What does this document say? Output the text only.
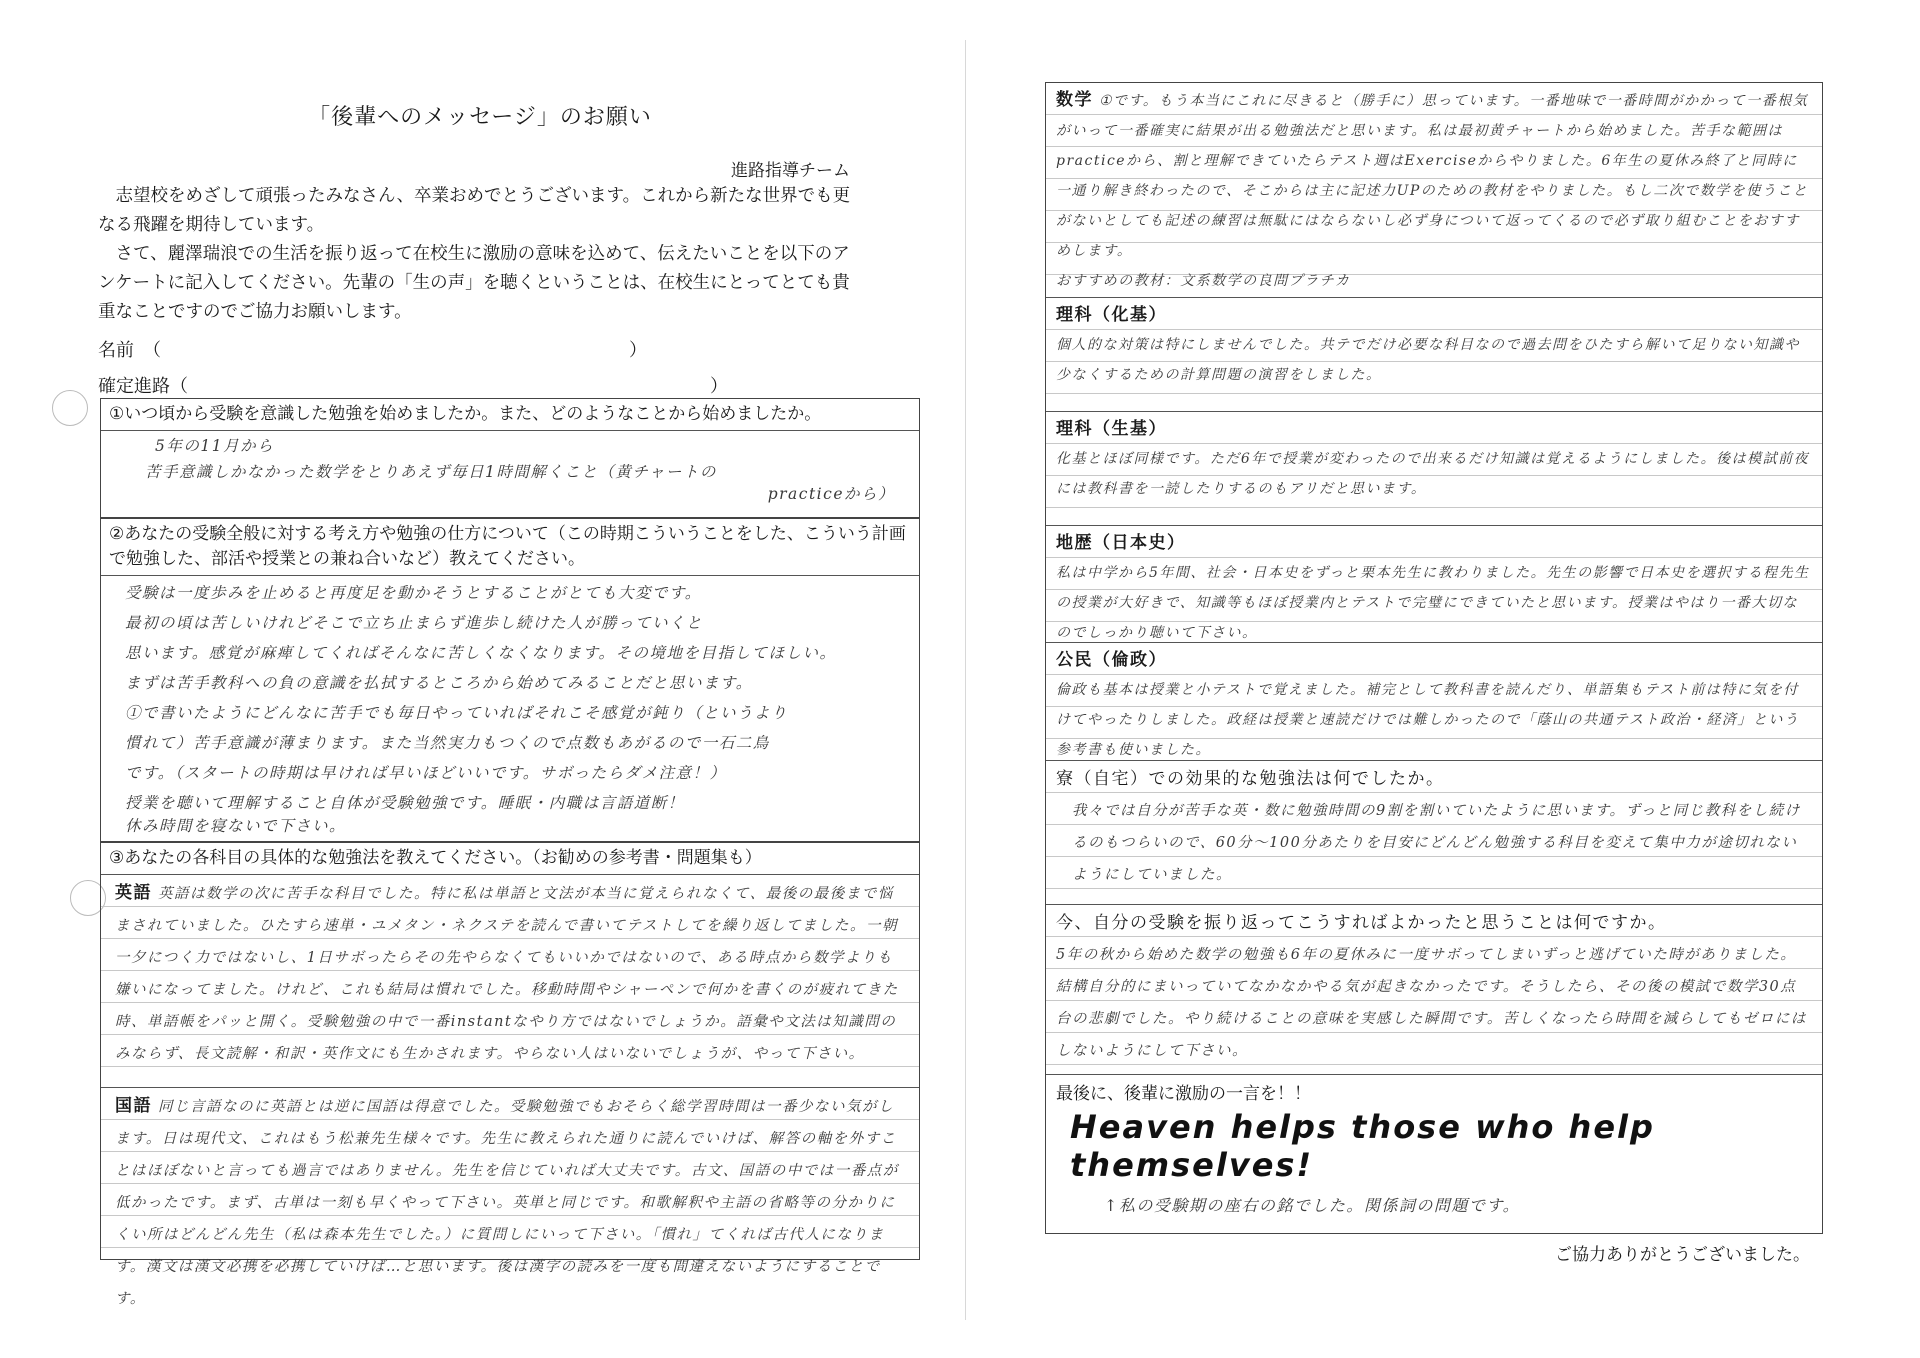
「後輩へのメッセージ」のお願い
進路指導チーム

志望校をめざして頑張ったみなさん、卒業おめでとうございます。これから新たな世界でも更なる飛躍を期待しています。

さて、麗澤瑞浪での生活を振り返って在校生に激励の意味を込めて、伝えたいことを以下のアンケートに記入してください。先輩の「生の声」を聴くということは、在校生にとってとても貴重なことですのでご協力お願いします。

名前　（　　　　　　　　　　　　　　　　　　　　　　　　　　）
確定進路（　　　　　　　　　　　　　　　　　　　　　　　　　　　　　）
①いつ頃から受験を意識した勉強を始めましたか。また、どのようなことから始めましたか。
5年の11月から
苦手意識しかなかった数学をとりあえず毎日1時間解くこと（黄チャートの
practiceから）
②あなたの受験全般に対する考え方や勉強の仕方について（この時期こういうことをした、こういう計画で勉強した、部活や授業との兼ね合いなど）教えてください。
受験は一度歩みを止めると再度足を動かそうとすることがとても大変です。
最初の頃は苦しいけれどそこで立ち止まらず進歩し続けた人が勝っていくと
思います。感覚が麻痺してくればそんなに苦しくなくなります。その境地を目指してほしい。
まずは苦手教科への負の意識を払拭するところから始めてみることだと思います。
①で書いたようにどんなに苦手でも毎日やっていればそれこそ感覚が鈍り（というより
慣れて）苦手意識が薄まります。また当然実力もつくので点数もあがるので一石二鳥
です。（スタートの時期は早ければ早いほどいいです。サボったらダメ注意！）
授業を聴いて理解すること自体が受験勉強です。睡眠・内職は言語道断！
休み時間を寝ないで下さい。
③あなたの各科目の具体的な勉強法を教えてください。（お勧めの参考書・問題集も）
英語 英語は数学の次に苦手な科目でした。特に私は単語と文法が本当に覚えられなくて、最後の最後まで悩まされていました。ひたすら速単・ユメタン・ネクステを読んで書いてテストしてを繰り返してました。一朝一夕につく力ではないし、1日サボったらその先やらなくてもいいかではないので、ある時点から数学よりも嫌いになってました。けれど、これも結局は慣れでした。移動時間やシャーペンで何かを書くのが疲れてきた時、単語帳をパッと開く。受験勉強の中で一番instantなやり方ではないでしょうか。語彙や文法は知識問のみならず、長文読解・和訳・英作文にも生かされます。やらない人はいないでしょうが、やって下さい。
国語 同じ言語なのに英語とは逆に国語は得意でした。受験勉強でもおそらく総学習時間は一番少ない気がします。日は現代文、これはもう松兼先生様々です。先生に教えられた通りに読んでいけば、解答の軸を外すことはほぼないと言っても過言ではありません。先生を信じていれば大丈夫です。古文、国語の中では一番点が低かったです。まず、古単は一刻も早くやって下さい。英単と同じです。和歌解釈や主語の省略等の分かりにくい所はどんどん先生（私は森本先生でした。）に質問しにいって下さい。「慣れ」てくれば古代人になります。漢文は漢文必携を必携していけば…と思います。後は漢字の読みを一度も間違えないようにすることです。
数学 ①です。もう本当にこれに尽きると（勝手に）思っています。一番地味で一番時間がかかって一番根気がいって一番確実に結果が出る勉強法だと思います。私は最初黄チャートから始めました。苦手な範囲はpracticeから、割と理解できていたらテスト週はExerciseからやりました。6年生の夏休み終了と同時に一通り解き終わったので、そこからは主に記述力UPのための教材をやりました。もし二次で数学を使うことがないとしても記述の練習は無駄にはならないし必ず身について返ってくるので必ず取り組むことをおすすめします。
おすすめの教材：文系数学の良問プラチカ
理科（化基）
個人的な対策は特にしませんでした。共テでだけ必要な科目なので過去問をひたすら解いて足りない知識や少なくするための計算問題の演習をしました。
理科（生基）
化基とほぼ同様です。ただ6年で授業が変わったので出来るだけ知識は覚えるようにしました。後は模試前夜には教科書を一読したりするのもアリだと思います。
地歴（日本史）
私は中学から5年間、社会・日本史をずっと栗本先生に教わりました。先生の影響で日本史を選択する程先生の授業が大好きで、知識等もほぼ授業内とテストで完璧にできていたと思います。授業はやはり一番大切なのでしっかり聴いて下さい。
公民（倫政）
倫政も基本は授業と小テストで覚えました。補完として教科書を読んだり、単語集もテスト前は特に気を付けてやったりしました。政経は授業と速読だけでは難しかったので「蔭山の共通テスト政治・経済」という参考書も使いました。
寮（自宅）での効果的な勉強法は何でしたか。
我々では自分が苦手な英・数に勉強時間の9割を割いていたように思います。ずっと同じ教科をし続けるのもつらいので、60分〜100分あたりを目安にどんどん勉強する科目を変えて集中力が途切れないようにしていました。
今、自分の受験を振り返ってこうすればよかったと思うことは何ですか。
5年の秋から始めた数学の勉強も6年の夏休みに一度サボってしまいずっと逃げていた時がありました。結構自分的にまいっていてなかなかやる気が起きなかったです。そうしたら、その後の模試で数学30点台の悲劇でした。やり続けることの意味を実感した瞬間です。苦しくなったら時間を減らしてもゼロにはしないようにして下さい。
最後に、後輩に激励の一言を！！
Heaven helps those who help themselves!
↑私の受験期の座右の銘でした。関係詞の問題です。
ご協力ありがとうございました。
